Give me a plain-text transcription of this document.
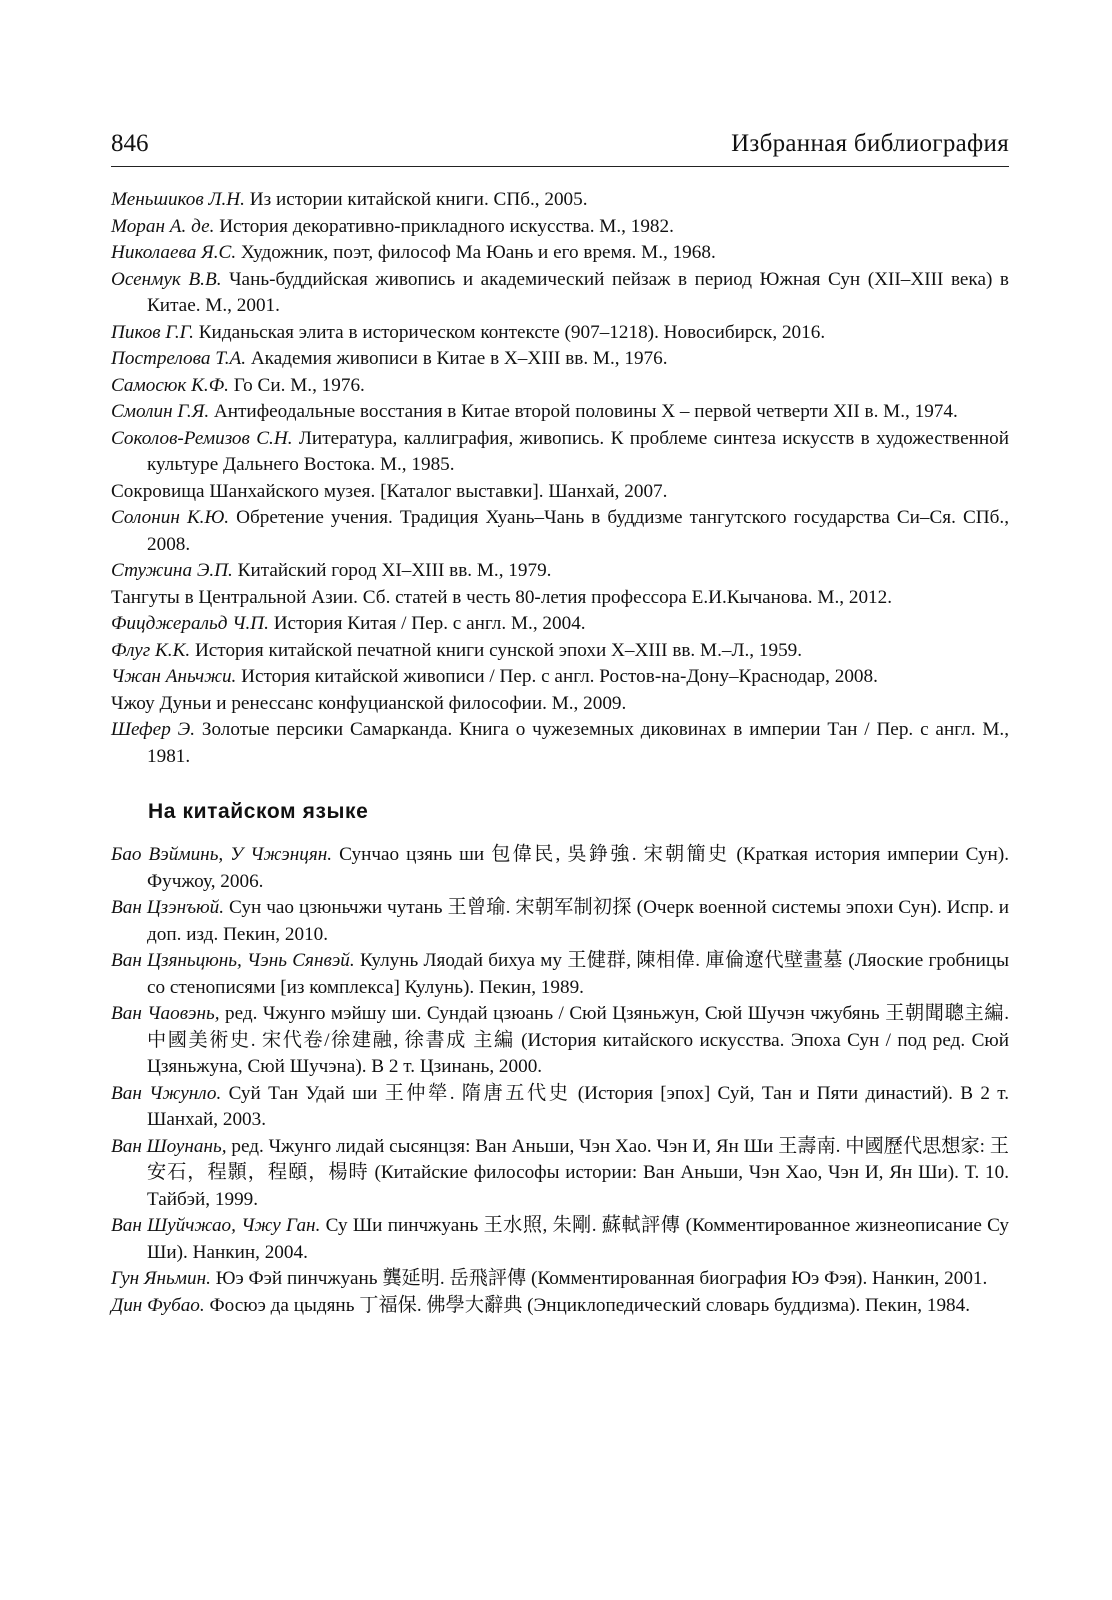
846	Избранная библиография

Меньшиков Л.Н. Из истории китайской книги. СПб., 2005.

Моран А. де. История декоративно-прикладного искусства. М., 1982.

Николаева Я.С. Художник, поэт, философ Ма Юань и его время. М., 1968.

Осенмук В.В. Чань-буддийская живопись и академический пейзаж в период Южная Сун (XII–XIII века) в Китае. М., 2001.

Пиков Г.Г. Киданьская элита в историческом контексте (907–1218). Новосибирск, 2016.

Пострелова Т.А. Академия живописи в Китае в X–XIII вв. М., 1976.

Самосюк К.Ф. Го Си. М., 1976.

Смолин Г.Я. Антифеодальные восстания в Китае второй половины X – первой четверти XII в. М., 1974.

Соколов-Ремизов С.Н. Литература, каллиграфия, живопись. К проблеме синтеза искусств в художественной культуре Дальнего Востока. М., 1985.

Сокровища Шанхайского музея. [Каталог выставки]. Шанхай, 2007.

Солонин К.Ю. Обретение учения. Традиция Хуань–Чань в буддизме тангутского государства Си–Ся. СПб., 2008.

Стужина Э.П. Китайский город XI–XIII вв. М., 1979.

Тангуты в Центральной Азии. Сб. статей в честь 80-летия профессора Е.И.Кычанова. М., 2012.

Фицджеральд Ч.П. История Китая / Пер. с англ. М., 2004.

Флуг К.К. История китайской печатной книги сунской эпохи X–XIII вв. М.–Л., 1959.

Чжан Аньчжи. История китайской живописи / Пер. с англ. Ростов-на-Дону–Краснодар, 2008.

Чжоу Дуньи и ренессанс конфуцианской философии. М., 2009.

Шефер Э. Золотые персики Самарканда. Книга о чужеземных диковинах в империи Тан / Пер. с англ. М., 1981.

На китайском языке

Бао Вэйминь, У Чжэнцян. Сунчао цзянь ши 包偉民, 吳錚強. 宋朝簡史 (Краткая история империи Сун). Фучжоу, 2006.

Ван Цзэнъюй. Сун чао цзюньчжи чутань 王曾瑜. 宋朝军制初探 (Очерк военной системы эпохи Сун). Испр. и доп. изд. Пекин, 2010.

Ван Цзяньцюнь, Чэнь Сянвэй. Кулунь Ляодай бихуа му 王健群, 陳相偉. 庫倫遼代壁畫墓 (Ляоские гробницы со стенописями [из комплекса] Кулунь). Пекин, 1989.

Ван Чаовэнь, ред. Чжунго мэйшу ши. Сундай цзюань / Сюй Цзяньжун, Сюй Шучэн чжубянь 王朝聞聰主編. 中國美術史. 宋代卷/徐建融, 徐書成 主編 (История китайского искусства. Эпоха Сун / под ред. Сюй Цзяньжуна, Сюй Шучэна). В 2 т. Цзинань, 2000.

Ван Чжунло. Суй Тан Удай ши 王仲犖. 隋唐五代史 (История [эпох] Суй, Тан и Пяти династий). В 2 т. Шанхай, 2003.

Ван Шоунань, ред. Чжунго лидай сысянцзя: Ван Аньши, Чэн Хао. Чэн И, Ян Ши 王壽南. 中國歷代思想家: 王安石，程顥，程頤，楊時 (Китайские философы истории: Ван Аньши, Чэн Хао, Чэн И, Ян Ши). Т. 10. Тайбэй, 1999.

Ван Шуйчжао, Чжу Ган. Су Ши пинчжуань 王水照, 朱剛. 蘇軾評傳 (Комментированное жизнеописание Су Ши). Нанкин, 2004.

Гун Яньмин. Юэ Фэй пинчжуань 龔延明. 岳飛評傳 (Комментированная биография Юэ Фэя). Нанкин, 2001.

Дин Фубао. Фосюэ да цыдянь 丁福保. 佛學大辭典 (Энциклопедический словарь буддизма). Пекин, 1984.
